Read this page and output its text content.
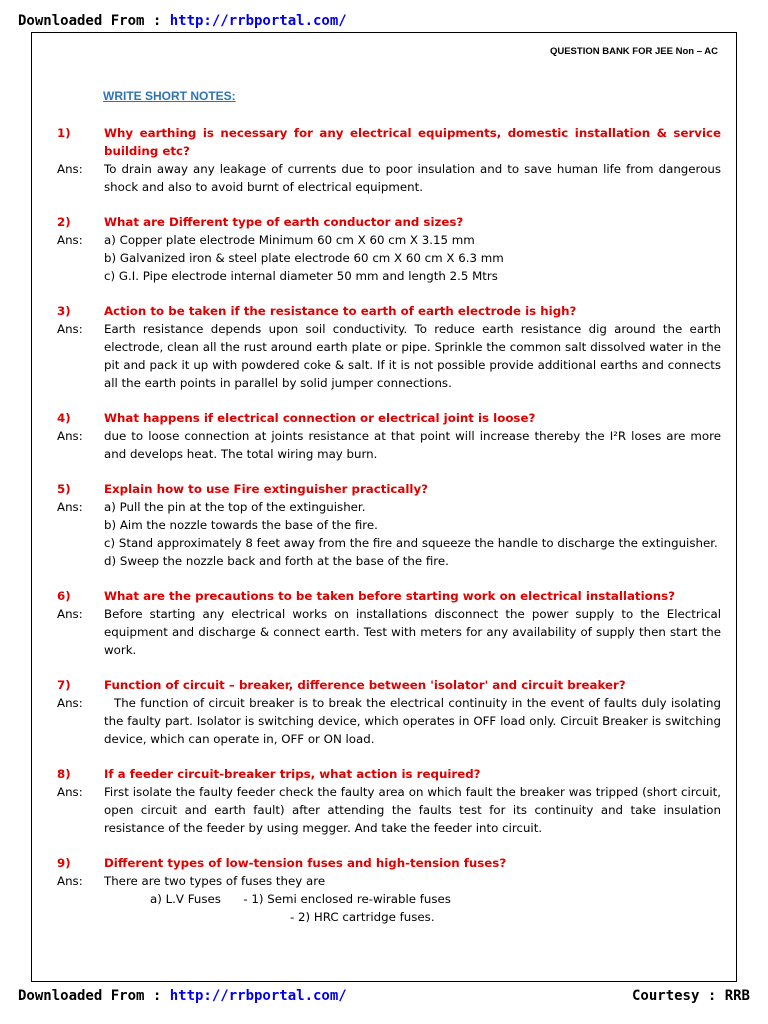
Downloaded From : http://rrbportal.com/
QUESTION BANK FOR JEE Non – AC
WRITE SHORT NOTES:
1)	Why earthing is necessary for any electrical equipments, domestic installation & service building etc?
Ans:	To drain away any leakage of currents due to poor insulation and to save human life from dangerous shock and also to avoid burnt of electrical equipment.
2)	What are Different type of earth conductor and sizes?
Ans:	a) Copper plate electrode Minimum 60 cm X 60 cm X 3.15 mm
b) Galvanized iron & steel plate electrode 60 cm X 60 cm X 6.3 mm
c) G.I. Pipe electrode internal diameter 50 mm and length 2.5 Mtrs
3)	Action to be taken if the resistance to earth of earth electrode is high?
Ans:	Earth resistance depends upon soil conductivity. To reduce earth resistance dig around the earth electrode, clean all the rust around earth plate or pipe. Sprinkle the common salt dissolved water in the pit and pack it up with powdered coke & salt. If it is not possible provide additional earths and connects all the earth points in parallel by solid jumper connections.
4)	What happens if electrical connection or electrical joint is loose?
Ans:	due to loose connection at joints resistance at that point will increase thereby the I²R loses are more and develops heat. The total wiring may burn.
5)	Explain how to use Fire extinguisher practically?
Ans:	a) Pull the pin at the top of the extinguisher.
b) Aim the nozzle towards the base of the fire.
c) Stand approximately 8 feet away from the fire and squeeze the handle to discharge the extinguisher.
d) Sweep the nozzle back and forth at the base of the fire.
6)	What are the precautions to be taken before starting work on electrical installations?
Ans:	Before starting any electrical works on installations disconnect the power supply to the Electrical equipment and discharge & connect earth. Test with meters for any availability of supply then start the work.
7)	Function of circuit – breaker, difference between 'isolator' and circuit breaker?
Ans:	The function of circuit breaker is to break the electrical continuity in the event of faults duly isolating the faulty part. Isolator is switching device, which operates in OFF load only. Circuit Breaker is switching device, which can operate in, OFF or ON load.
8)	If a feeder circuit-breaker trips, what action is required?
Ans:	First isolate the faulty feeder check the faulty area on which fault the breaker was tripped (short circuit, open circuit and earth fault) after attending the faults test for its continuity and take insulation resistance of the feeder by using megger. And take the feeder into circuit.
9)	Different types of low-tension fuses and high-tension fuses?
Ans:	There are two types of fuses they are
a) L.V Fuses      - 1) Semi enclosed re-wirable fuses
- 2) HRC cartridge fuses.
Downloaded From : http://rrbportal.com/	Courtesy : RRB
